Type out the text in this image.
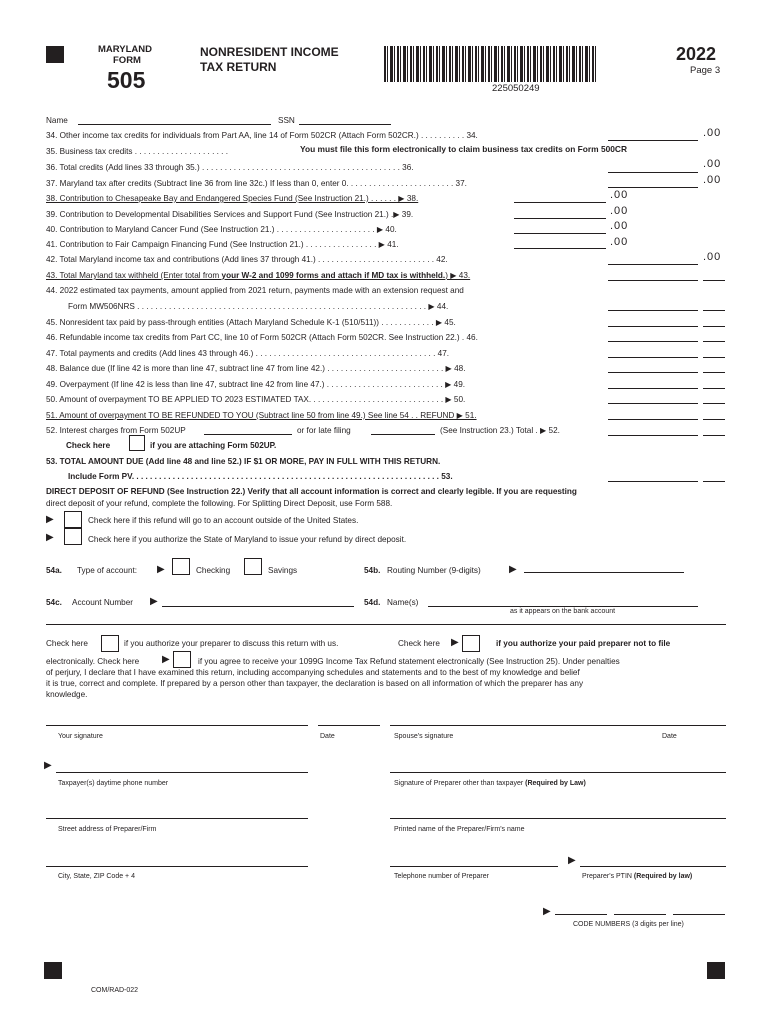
MARYLAND
FORM
505
NONRESIDENT INCOME
TAX RETURN
225050249
2022
Page 3
Name	SSN
34. Other income tax credits for individuals from Part AA, line 14 of Form 502CR (Attach Form 502CR.) . . . . . . . . . . 34.	.00
35. Business tax credits . . . . . . . . . . . . . . . . . . . . .	You must file this form electronically to claim business tax credits on Form 500CR
36. Total credits (Add lines 33 through 35.) . . . . . . . . . . . . . . . . . . . . . . . . . . . . . . . . . . . . . . . . . . . . 36.	.00
37. Maryland tax after credits (Subtract line 36 from line 32c.) If less than 0, enter 0. . . . . . . . . . . . . . . . . . . . . . . . 37.	.00
38. Contribution to Chesapeake Bay and Endangered Species Fund (See Instruction 21.) . . . . . . ▶ 38.	.00
39. Contribution to Developmental Disabilities Services and Support Fund (See Instruction 21.) .▶ 39.	.00
40. Contribution to Maryland Cancer Fund (See Instruction 21.) . . . . . . . . . . . . . . . . . . . . . . ▶ 40.	.00
41. Contribution to Fair Campaign Financing Fund (See Instruction 21.) . . . . . . . . . . . . . . . . ▶ 41.	.00
42. Total Maryland income tax and contributions (Add lines 37 through 41.) . . . . . . . . . . . . . . . . . . . . . . . . . . 42.	.00
43. Total Maryland tax withheld (Enter total from your W-2 and 1099 forms and attach if MD tax is withheld.) ▶ 43.
44. 2022 estimated tax payments, amount applied from 2021 return, payments made with an extension request and
Form MW506NRS . . . . . . . . . . . . . . . . . . . . . . . . . . . . . . . . . . . . . . . . . . . . . . . . . . . . . . . . . . . . . . . . ▶ 44.
45. Nonresident tax paid by pass-through entities (Attach Maryland Schedule K-1 (510/511)) . . . . . . . . . . . . ▶ 45.
46. Refundable income tax credits from Part CC, line 10 of Form 502CR (Attach Form 502CR. See Instruction 22.) . 46.
47. Total payments and credits (Add lines 43 through 46.) . . . . . . . . . . . . . . . . . . . . . . . . . . . . . . . . . . . . . . . . 47.
48. Balance due (If line 42 is more than line 47, subtract line 47 from line 42.) . . . . . . . . . . . . . . . . . . . . . . . . . . ▶ 48.
49. Overpayment (If line 42 is less than line 47, subtract line 42 from line 47.) . . . . . . . . . . . . . . . . . . . . . . . . . . ▶ 49.
50. Amount of overpayment TO BE APPLIED TO 2023 ESTIMATED TAX. . . . . . . . . . . . . . . . . . . . . . . . . . . . . . ▶ 50.
51. Amount of overpayment TO BE REFUNDED TO YOU (Subtract line 50 from line 49.) See line 54 . . REFUND ▶ 51.
52. Interest charges from Form 502UP	or for late filing	(See Instruction 23.) Total . ▶ 52.
Check here	if you are attaching Form 502UP.
53. TOTAL AMOUNT DUE (Add line 48 and line 52.) IF $1 OR MORE, PAY IN FULL WITH THIS RETURN.
Include Form PV. . . . . . . . . . . . . . . . . . . . . . . . . . . . . . . . . . . . . . . . . . . . . . . . . . . . . . . . . . . . . . . . . . . . 53.
DIRECT DEPOSIT OF REFUND (See Instruction 22.) Verify that all account information is correct and clearly legible. If you are requesting
direct deposit of your refund, complete the following. For Splitting Direct Deposit, use Form 588.
▶	Check here if this refund will go to an account outside of the United States.
▶	Check here if you authorize the State of Maryland to issue your refund by direct deposit.
54a. Type of account: ▶	Checking	Savings	54b. Routing Number (9-digits)	▶
54c. Account Number ▶	54d. Name(s)
as it appears on the bank account
Check here	if you authorize your preparer to discuss this return with us.	Check here ▶	if you authorize your paid preparer not to file
electronically. Check here ▶	if you agree to receive your 1099G Income Tax Refund statement electronically (See Instruction 25). Under penalties
of perjury, I declare that I have examined this return, including accompanying schedules and statements and to the best of my knowledge and belief
it is true, correct and complete. If prepared by a person other than taxpayer, the declaration is based on all information of which the preparer has any
knowledge.
Your signature	Date	Spouse's signature	Date
▶
Taxpayer(s) daytime phone number	Signature of Preparer other than taxpayer (Required by Law)
Street address of Preparer/Firm	Printed name of the Preparer/Firm's name
▶
City, State, ZIP Code + 4	Telephone number of Preparer	Preparer's PTIN (Required by law)
▶
CODE NUMBERS (3 digits per line)
COM/RAD-022
